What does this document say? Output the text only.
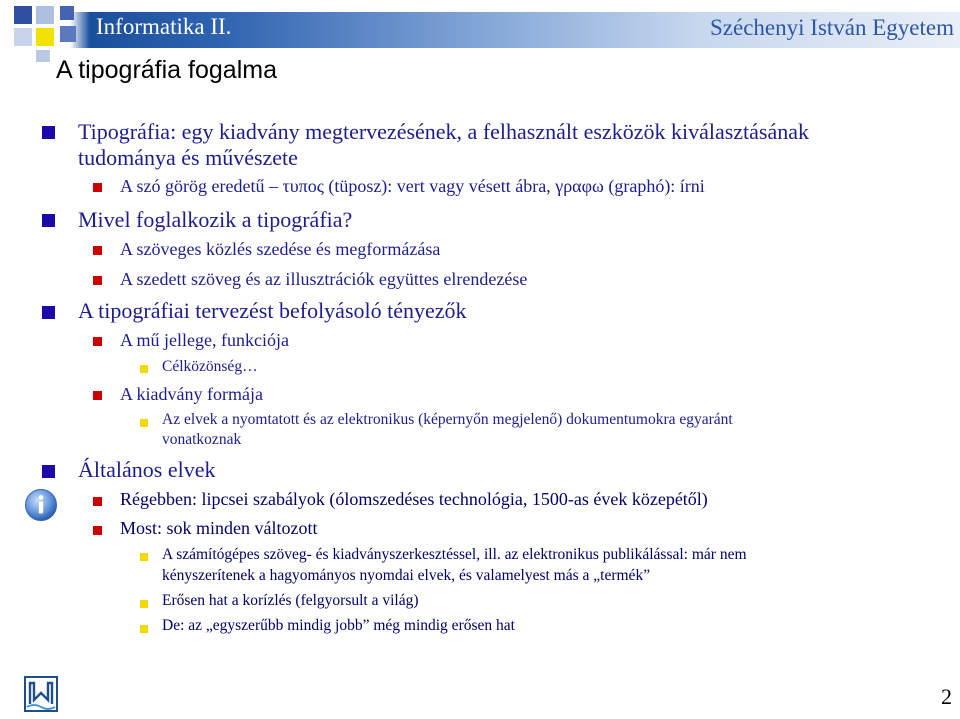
Informatika II.	Széchenyi István Egyetem
A tipográfia fogalma
Tipográfia: egy kiadvány megtervezésének, a felhasznált eszközök kiválasztásának
tudománya és művészete
A szó görög eredetű – τυπος (tüposz): vert vagy vésett ábra, γραφω (graphó): írni
Mivel foglalkozik a tipográfia?
A szöveges közlés szedése és megformázása
A szedett szöveg és az illusztrációk együttes elrendezése
A tipográfiai tervezést befolyásoló tényezők
A mű jellege, funkciója
Célközönség…
A kiadvány formája
Az elvek a nyomtatott és az elektronikus (képernyőn megjelenő) dokumentumokra egyaránt
vonatkoznak
Általános elvek
Régebben: lipcsei szabályok (ólomszedéses technológia, 1500-as évek közepétől)
Most: sok minden változott
A számítógépes szöveg- és kiadványszerkesztéssel, ill. az elektronikus publikálással: már nem
kényszerítenek a hagyományos nyomdai elvek, és valamelyest más a „termék”
Erősen hat a korízlés (felgyorsult a világ)
De: az „egyszerűbb mindig jobb” még mindig erősen hat
2
